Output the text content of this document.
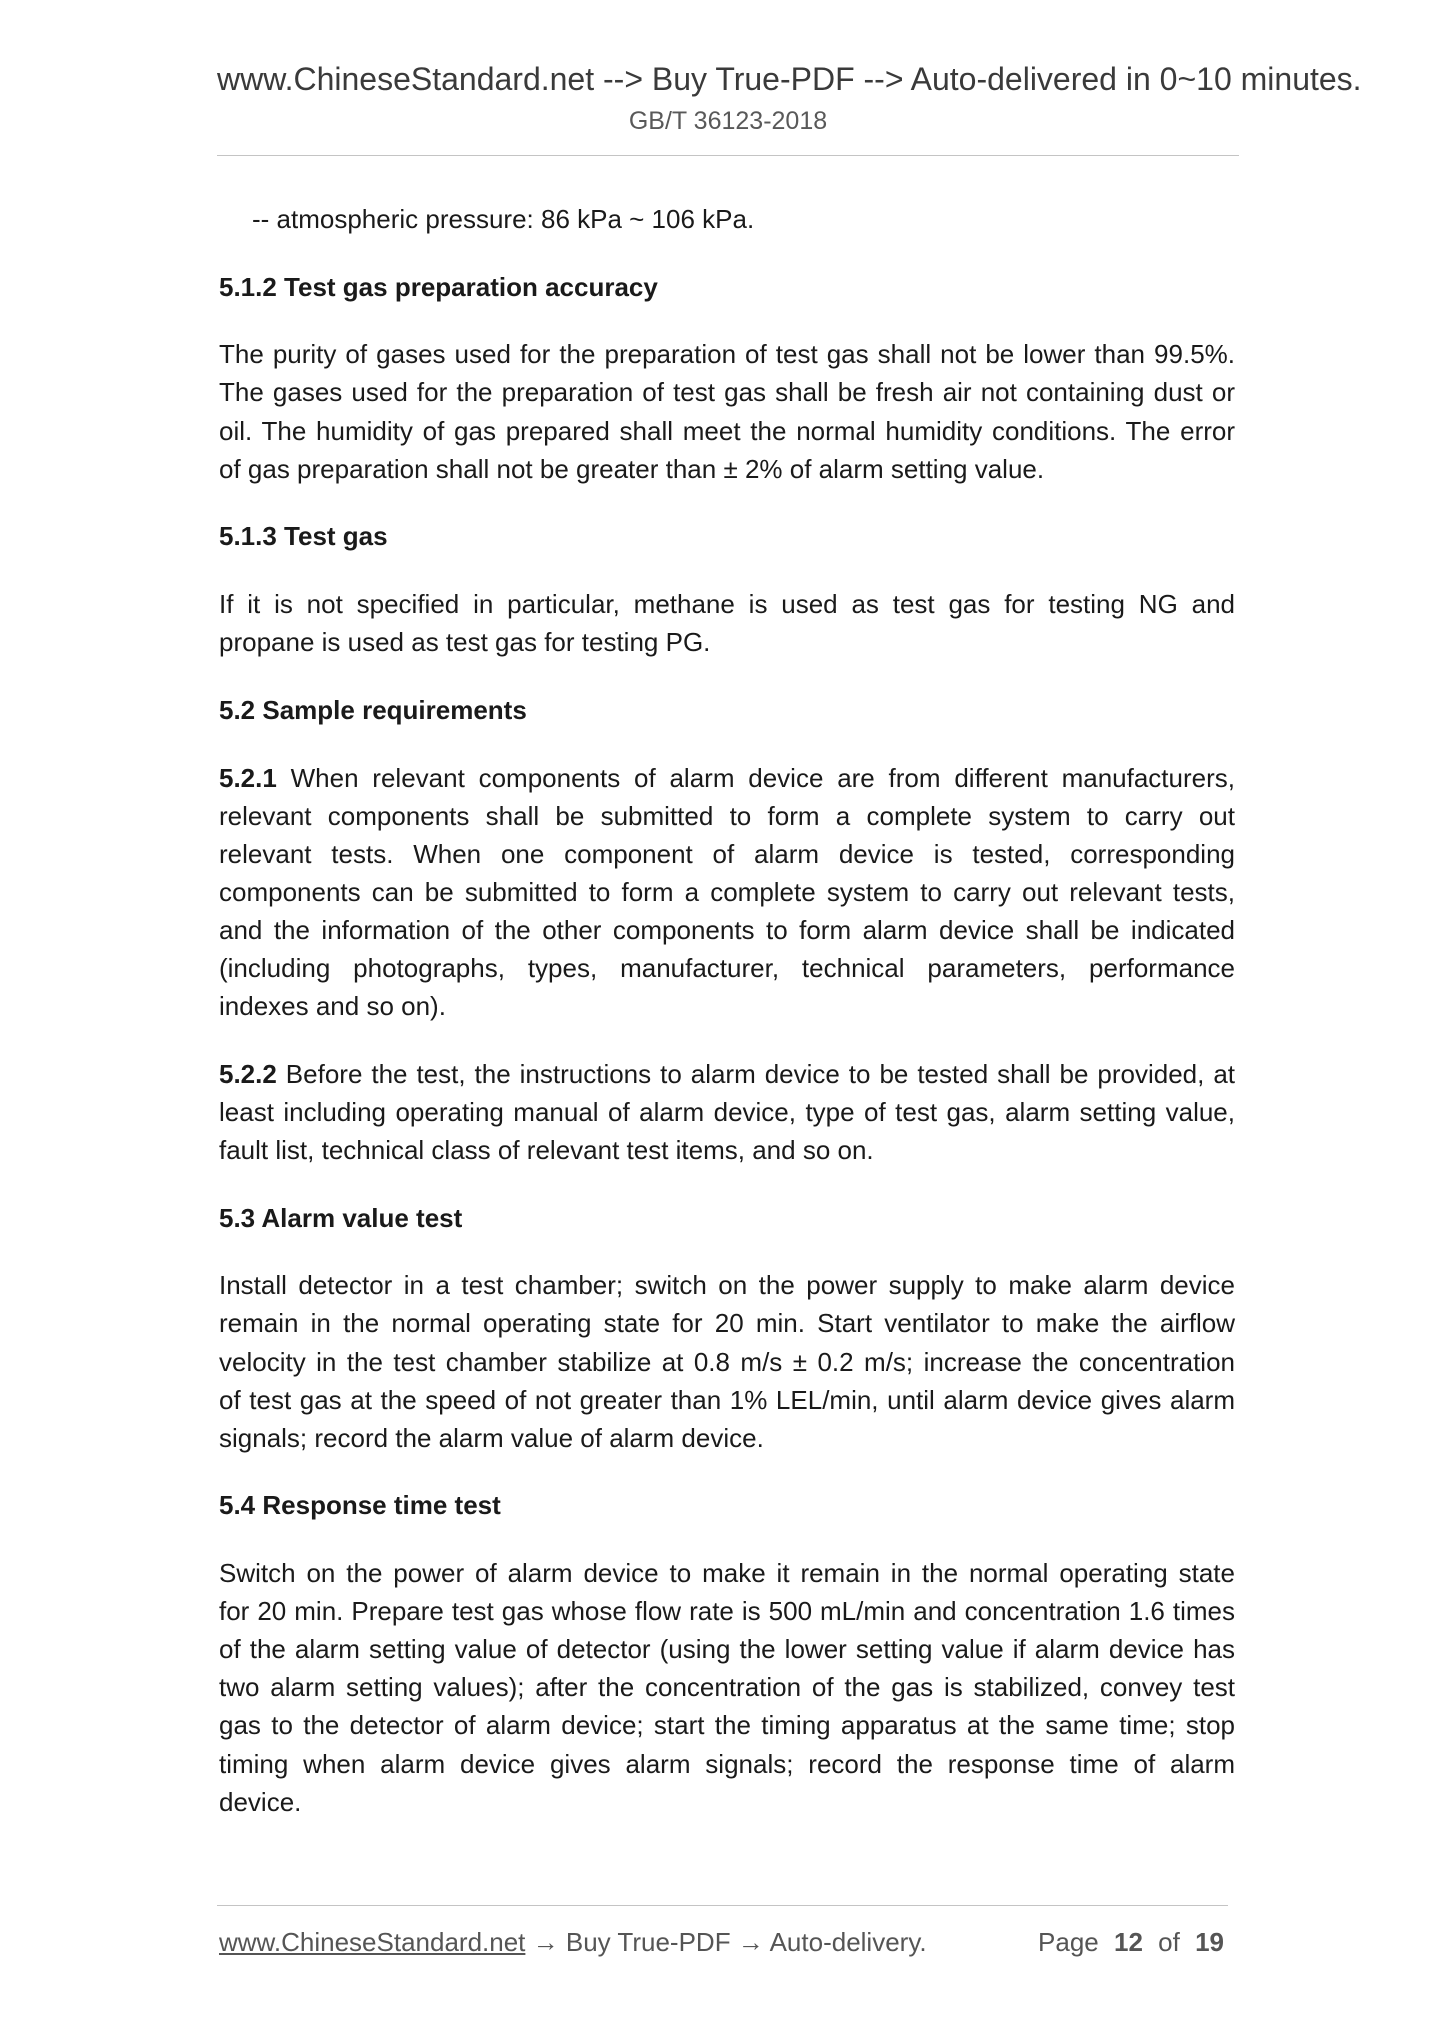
www.ChineseStandard.net --> Buy True-PDF --> Auto-delivered in 0~10 minutes.
GB/T 36123-2018
-- atmospheric pressure: 86 kPa ~ 106 kPa.
5.1.2 Test gas preparation accuracy
The purity of gases used for the preparation of test gas shall not be lower than 99.5%.
The gases used for the preparation of test gas shall be fresh air not containing dust or
oil. The humidity of gas prepared shall meet the normal humidity conditions. The error
of gas preparation shall not be greater than ± 2% of alarm setting value.
5.1.3 Test gas
If it is not specified in particular, methane is used as test gas for testing NG and
propane is used as test gas for testing PG.
5.2 Sample requirements
5.2.1 When relevant components of alarm device are from different manufacturers,
relevant components shall be submitted to form a complete system to carry out
relevant tests. When one component of alarm device is tested, corresponding
components can be submitted to form a complete system to carry out relevant tests,
and the information of the other components to form alarm device shall be indicated
(including photographs, types, manufacturer, technical parameters, performance
indexes and so on).
5.2.2 Before the test, the instructions to alarm device to be tested shall be provided, at
least including operating manual of alarm device, type of test gas, alarm setting value,
fault list, technical class of relevant test items, and so on.
5.3 Alarm value test
Install detector in a test chamber; switch on the power supply to make alarm device
remain in the normal operating state for 20 min. Start ventilator to make the airflow
velocity in the test chamber stabilize at 0.8 m/s ± 0.2 m/s; increase the concentration
of test gas at the speed of not greater than 1% LEL/min, until alarm device gives alarm
signals; record the alarm value of alarm device.
5.4 Response time test
Switch on the power of alarm device to make it remain in the normal operating state
for 20 min. Prepare test gas whose flow rate is 500 mL/min and concentration 1.6 times
of the alarm setting value of detector (using the lower setting value if alarm device has
two alarm setting values); after the concentration of the gas is stabilized, convey test
gas to the detector of alarm device; start the timing apparatus at the same time; stop
timing when alarm device gives alarm signals; record the response time of alarm
device.
www.ChineseStandard.net → Buy True-PDF → Auto-delivery.	Page 12 of 19
